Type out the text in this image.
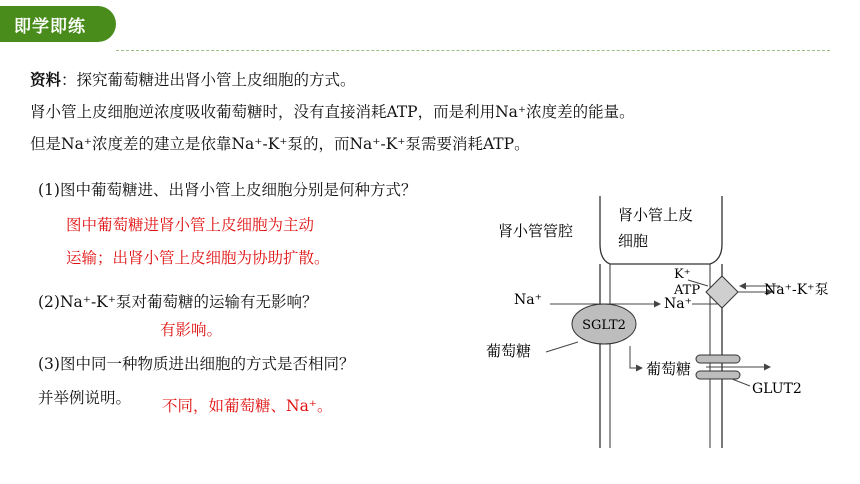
即学即练
资料：探究葡萄糖进出肾小管上皮细胞的方式。
肾小管上皮细胞逆浓度吸收葡萄糖时，没有直接消耗ATP，而是利用Na⁺浓度差的能量。
但是Na⁺浓度差的建立是依靠Na⁺-K⁺泵的，而Na⁺-K⁺泵需要消耗ATP。
(1)图中葡萄糖进、出肾小管上皮细胞分别是何种方式？
图中葡萄糖进肾小管上皮细胞为主动
运输；出肾小管上皮细胞为协助扩散。
(2)Na⁺-K⁺泵对葡萄糖的运输有无影响？
有影响。
(3)图中同一种物质进出细胞的方式是否相同？
并举例说明。 不同，如葡萄糖、Na⁺。
肾小管管腔
肾小管上皮
细胞
Na⁺	Na⁺
SGLT2
葡萄糖
葡萄糖
GLUT2
K⁺
ATP	Na⁺-K⁺泵
